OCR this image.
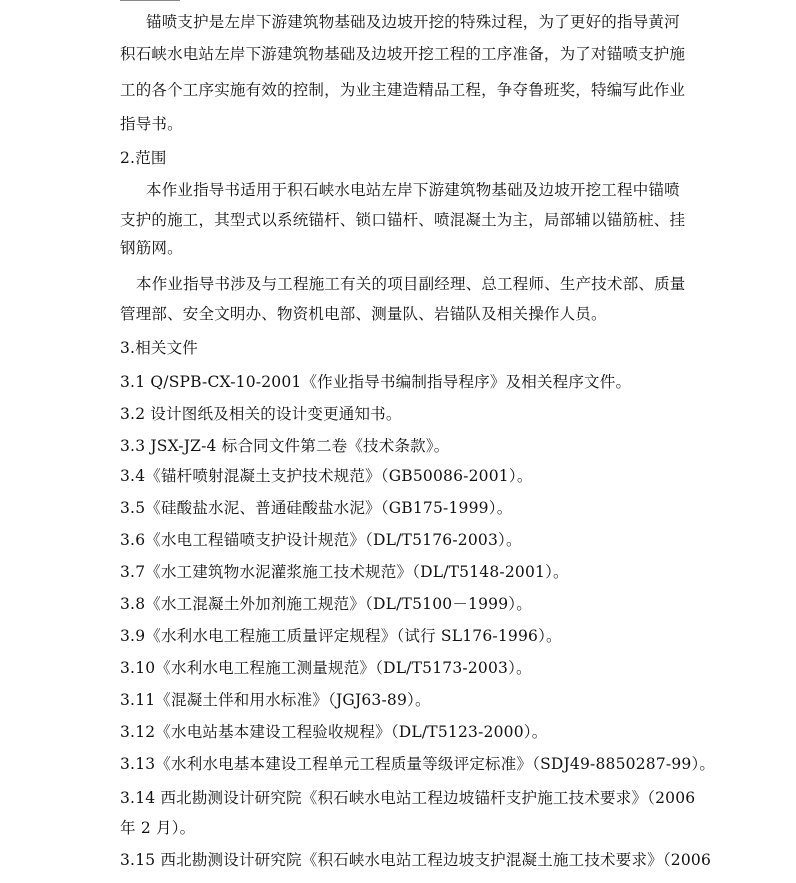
锚喷支护是左岸下游建筑物基础及边坡开挖的特殊过程，为了更好的指导黄河
积石峡水电站左岸下游建筑物基础及边坡开挖工程的工序准备，为了对锚喷支护施
工的各个工序实施有效的控制，为业主建造精品工程，争夺鲁班奖，特编写此作业
指导书。
2.范围
本作业指导书适用于积石峡水电站左岸下游建筑物基础及边坡开挖工程中锚喷
支护的施工，其型式以系统锚杆、锁口锚杆、喷混凝土为主，局部辅以锚筋桩、挂
钢筋网。
本作业指导书涉及与工程施工有关的项目副经理、总工程师、生产技术部、质量
管理部、安全文明办、物资机电部、测量队、岩锚队及相关操作人员。
3.相关文件
3.1 Q/SPB-CX-10-2001《作业指导书编制指导程序》及相关程序文件。
3.2 设计图纸及相关的设计变更通知书。
3.3 JSX-JZ-4 标合同文件第二卷《技术条款》。
3.4《锚杆喷射混凝土支护技术规范》（GB50086-2001）。
3.5《硅酸盐水泥、普通硅酸盐水泥》（GB175-1999）。
3.6《水电工程锚喷支护设计规范》（DL/T5176-2003）。
3.7《水工建筑物水泥灌浆施工技术规范》（DL/T5148-2001）。
3.8《水工混凝土外加剂施工规范》（DL/T5100－1999）。
3.9《水利水电工程施工质量评定规程》（试行 SL176-1996）。
3.10《水利水电工程施工测量规范》（DL/T5173-2003）。
3.11《混凝土伴和用水标准》（JGJ63-89）。
3.12《水电站基本建设工程验收规程》（DL/T5123-2000）。
3.13《水利水电基本建设工程单元工程质量等级评定标准》（SDJ49-8850287-99）。
3.14 西北勘测设计研究院《积石峡水电站工程边坡锚杆支护施工技术要求》（2006
年 2 月）。
3.15 西北勘测设计研究院《积石峡水电站工程边坡支护混凝土施工技术要求》（2006
